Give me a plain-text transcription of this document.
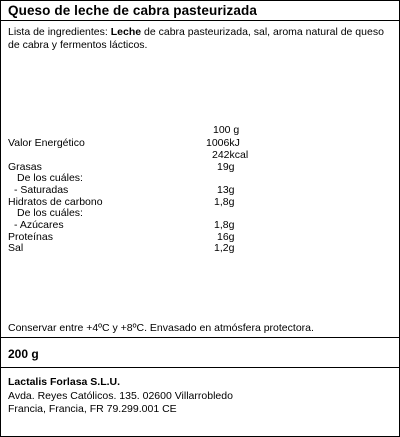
Queso de leche de cabra pasteurizada
Lista de ingredientes: Leche de cabra pasteurizada, sal, aroma natural de queso de cabra y fermentos lácticos.
100 g
Valor Energético	1006kJ
242kcal
Grasas	19g
De los cuáles:
- Saturadas	13g
Hidratos de carbono	1,8g
De los cuáles:
- Azúcares	1,8g
Proteínas	16g
Sal	1,2g
Conservar entre +4ºC y +8ºC. Envasado en atmósfera protectora.
200 g
Lactalis Forlasa S.L.U.
Avda. Reyes Católicos. 135. 02600 Villarrobledo
Francia, Francia, FR 79.299.001 CE
